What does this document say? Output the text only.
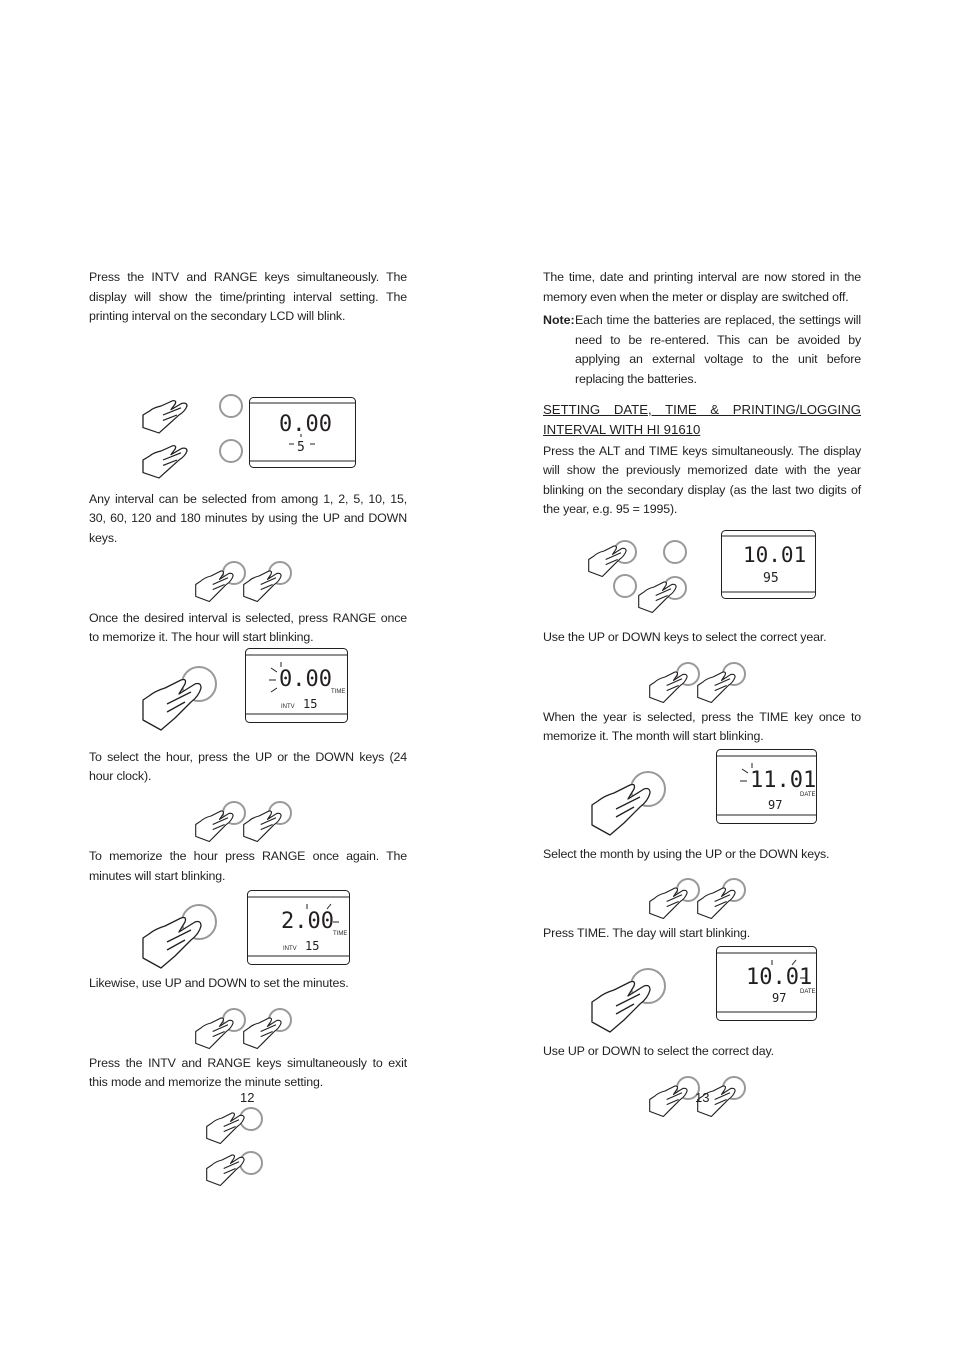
Press the INTV and RANGE keys simultaneously. The display will show the time/printing interval setting. The printing interval on the secondary LCD will blink.

0.00
5

Any interval can be selected from among 1, 2, 5, 10, 15, 30, 60, 120 and 180 minutes by using the UP and DOWN keys.

Once the desired interval is selected, press RANGE once to memorize it. The hour will start blinking.

0.00 TIME
INTV 15

To select the hour, press the UP or the DOWN keys (24 hour clock).

To memorize the hour press RANGE once again. The minutes will start blinking.

2.00 TIME
INTV 15

Likewise, use UP and DOWN to set the minutes.

Press the INTV and RANGE keys simultaneously to exit this mode and memorize the minute setting.

12

The time, date and printing interval are now stored in the memory even when the meter or display are switched off.

Note: Each time the batteries are replaced, the settings will need to be re-entered. This can be avoided by applying an external voltage to the unit before replacing the batteries.

SETTING DATE, TIME & PRINTING/LOGGING INTERVAL WITH HI 91610

Press the ALT and TIME keys simultaneously. The display will show the previously memorized date with the year blinking on the secondary display (as the last two digits of the year, e.g. 95 = 1995).

10.01
95

Use the UP or DOWN keys to select the correct year.

When the year is selected, press the TIME key once to memorize it. The month will start blinking.

11.01
DATE
97

Select the month by using the UP or the DOWN keys.

Press TIME. The day will start blinking.

10.01
DATE
97

Use UP or DOWN to select the correct day.

13
